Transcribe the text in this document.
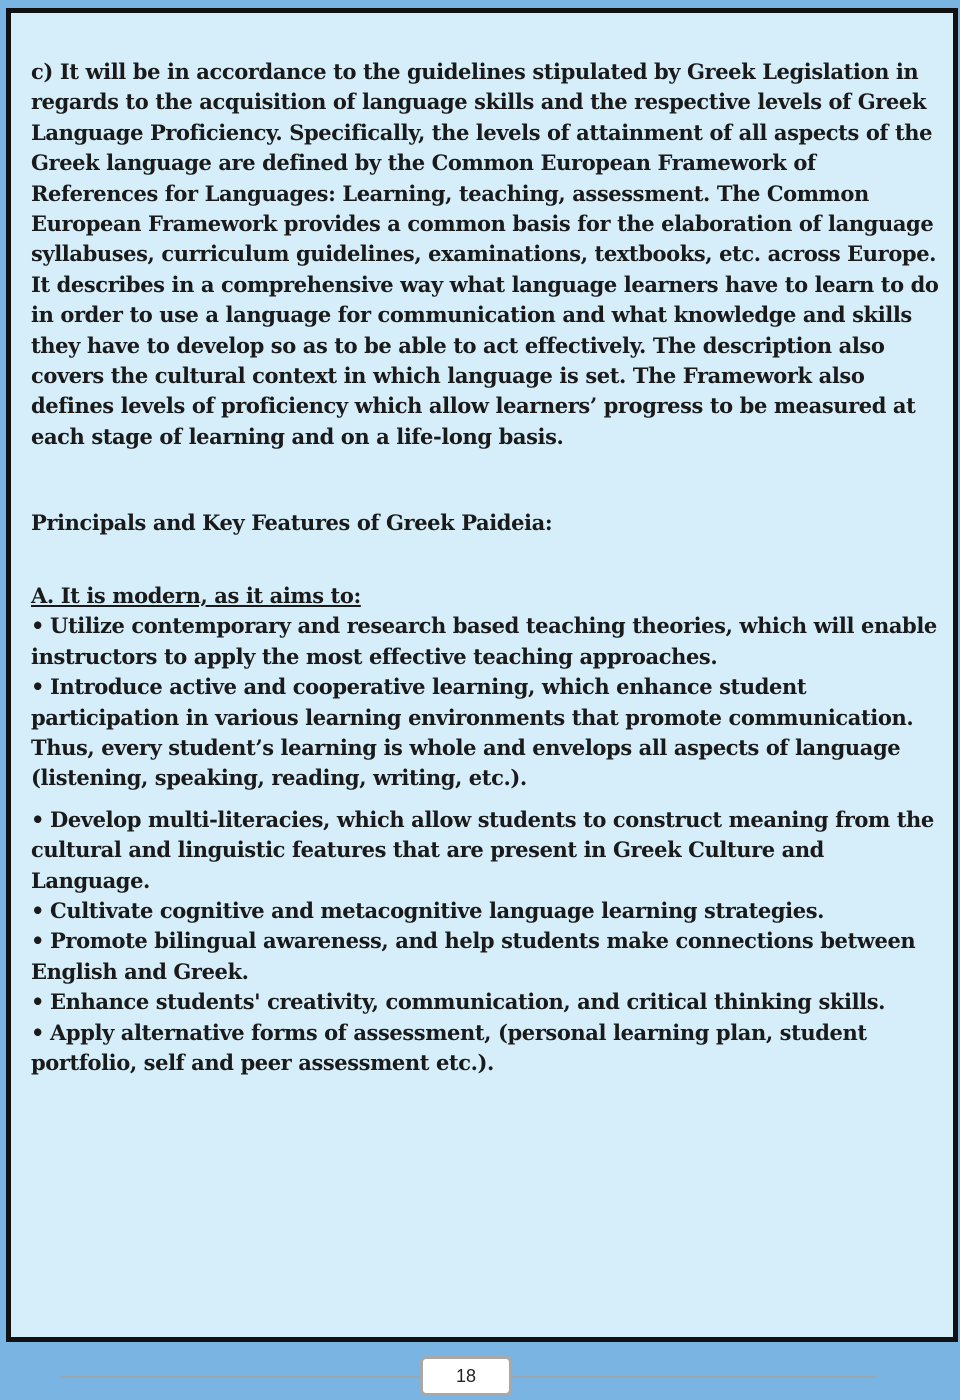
c) It will be in accordance to the guidelines stipulated by Greek Legislation in regards to the acquisition of language skills and the respective levels of Greek Language Proficiency. Specifically, the levels of attainment of all aspects of the Greek language are defined by the Common European Framework of References for Languages: Learning, teaching, assessment. The Common European Framework provides a common basis for the elaboration of language syllabuses, curriculum guidelines, examinations, textbooks, etc. across Europe. It describes in a comprehensive way what language learners have to learn to do in order to use a language for communication and what knowledge and skills they have to develop so as to be able to act effectively. The description also covers the cultural context in which language is set. The Framework also defines levels of proficiency which allow learners’ progress to be measured at each stage of learning and on a life-long basis.

Principals and Key Features of Greek Paideia:

A. It is modern, as it aims to:

• Utilize contemporary and research based teaching theories, which will enable instructors to apply the most effective teaching approaches.

• Introduce active and cooperative learning, which enhance student participation in various learning environments that promote communication. Thus, every student’s learning is whole and envelops all aspects of language (listening, speaking, reading, writing, etc.).

• Develop multi-literacies, which allow students to construct meaning from the cultural and linguistic features that are present in Greek Culture and Language.

• Cultivate cognitive and metacognitive language learning strategies.

• Promote bilingual awareness, and help students make connections between English and Greek.

• Enhance students' creativity, communication, and critical thinking skills.

• Apply alternative forms of assessment, (personal learning plan, student portfolio, self and peer assessment etc.).

18
